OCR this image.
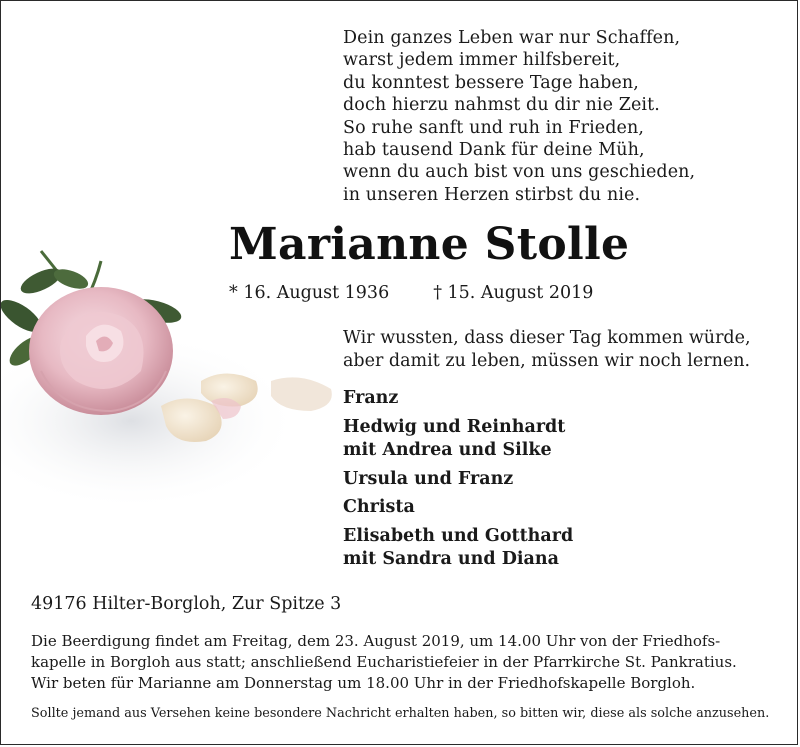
Dein ganzes Leben war nur Schaffen,
warst jedem immer hilfsbereit,
du konntest bessere Tage haben,
doch hierzu nahmst du dir nie Zeit.
So ruhe sanft und ruh in Frieden,
hab tausend Dank für deine Müh,
wenn du auch bist von uns geschieden,
in unseren Herzen stirbst du nie.
Marianne Stolle
* 16. August 1936	† 15. August 2019
Wir wussten, dass dieser Tag kommen würde,
aber damit zu leben, müssen wir noch lernen.
Franz
Hedwig und Reinhardt
mit Andrea und Silke
Ursula und Franz
Christa
Elisabeth und Gotthard
mit Sandra und Diana
49176 Hilter-Borgloh, Zur Spitze 3
Die Beerdigung findet am Freitag, dem 23. August 2019, um 14.00 Uhr von der Friedhofs-
kapelle in Borgloh aus statt; anschließend Eucharistiefeier in der Pfarrkirche St. Pankratius.
Wir beten für Marianne am Donnerstag um 18.00 Uhr in der Friedhofskapelle Borgloh.
Sollte jemand aus Versehen keine besondere Nachricht erhalten haben, so bitten wir, diese als solche anzusehen.
